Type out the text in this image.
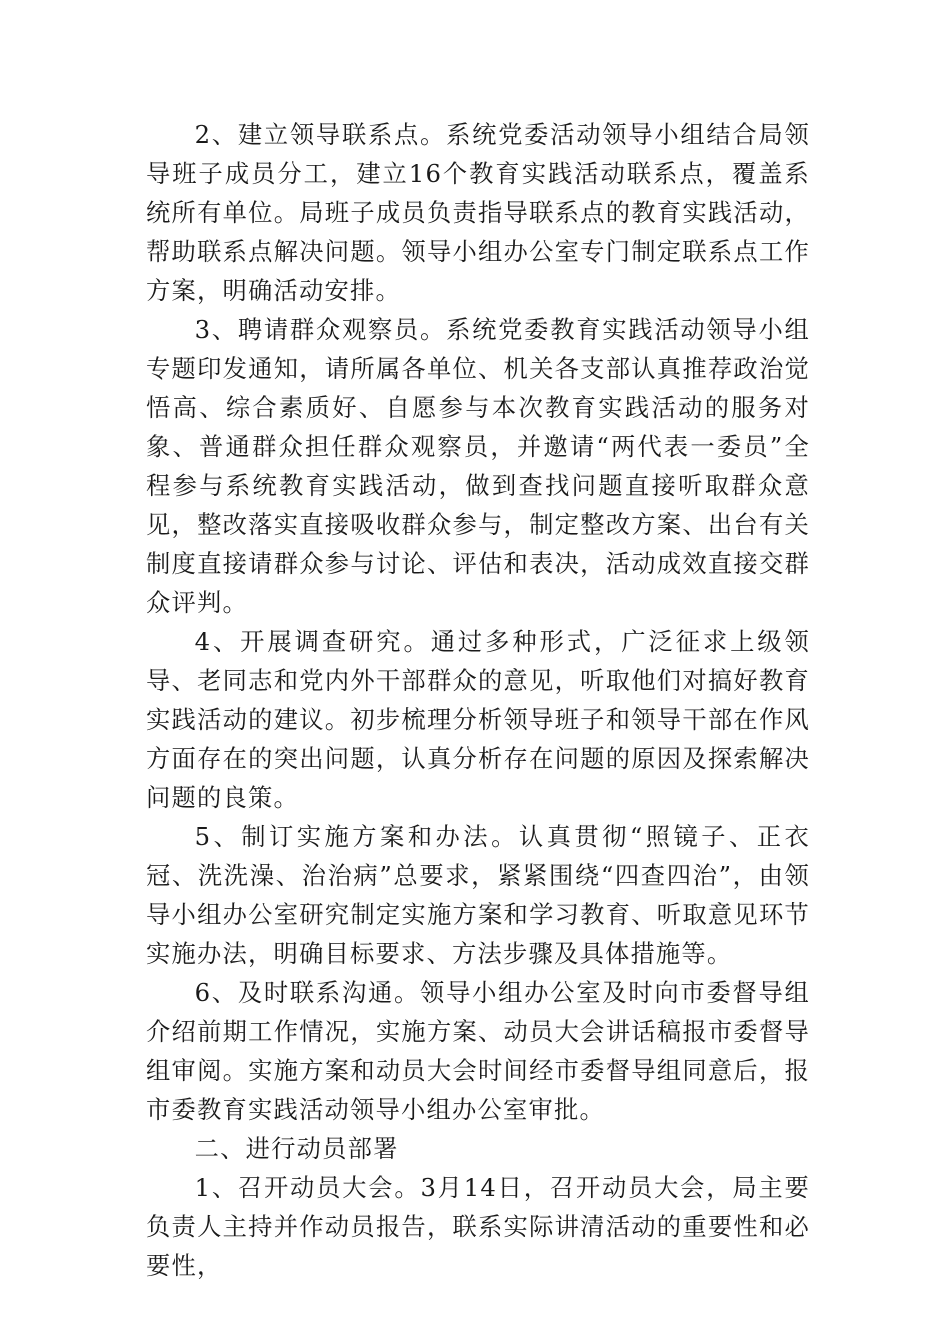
2、建立领导联系点。系统党委活动领导小组结合局领导班子成员分工，建立16个教育实践活动联系点，覆盖系统所有单位。局班子成员负责指导联系点的教育实践活动，帮助联系点解决问题。领导小组办公室专门制定联系点工作方案，明确活动安排。

3、聘请群众观察员。系统党委教育实践活动领导小组专题印发通知，请所属各单位、机关各支部认真推荐政治觉悟高、综合素质好、自愿参与本次教育实践活动的服务对象、普通群众担任群众观察员，并邀请“两代表一委员”全程参与系统教育实践活动，做到查找问题直接听取群众意见，整改落实直接吸收群众参与，制定整改方案、出台有关制度直接请群众参与讨论、评估和表决，活动成效直接交群众评判。

4、开展调查研究。通过多种形式，广泛征求上级领导、老同志和党内外干部群众的意见，听取他们对搞好教育实践活动的建议。初步梳理分析领导班子和领导干部在作风方面存在的突出问题，认真分析存在问题的原因及探索解决问题的良策。

5、制订实施方案和办法。认真贯彻“照镜子、正衣冠、洗洗澡、治治病”总要求，紧紧围绕“四查四治”，由领导小组办公室研究制定实施方案和学习教育、听取意见环节实施办法，明确目标要求、方法步骤及具体措施等。

6、及时联系沟通。领导小组办公室及时向市委督导组介绍前期工作情况，实施方案、动员大会讲话稿报市委督导组审阅。实施方案和动员大会时间经市委督导组同意后，报市委教育实践活动领导小组办公室审批。

二、进行动员部署

1、召开动员大会。3月14日，召开动员大会，局主要负责人主持并作动员报告，联系实际讲清活动的重要性和必要性，
